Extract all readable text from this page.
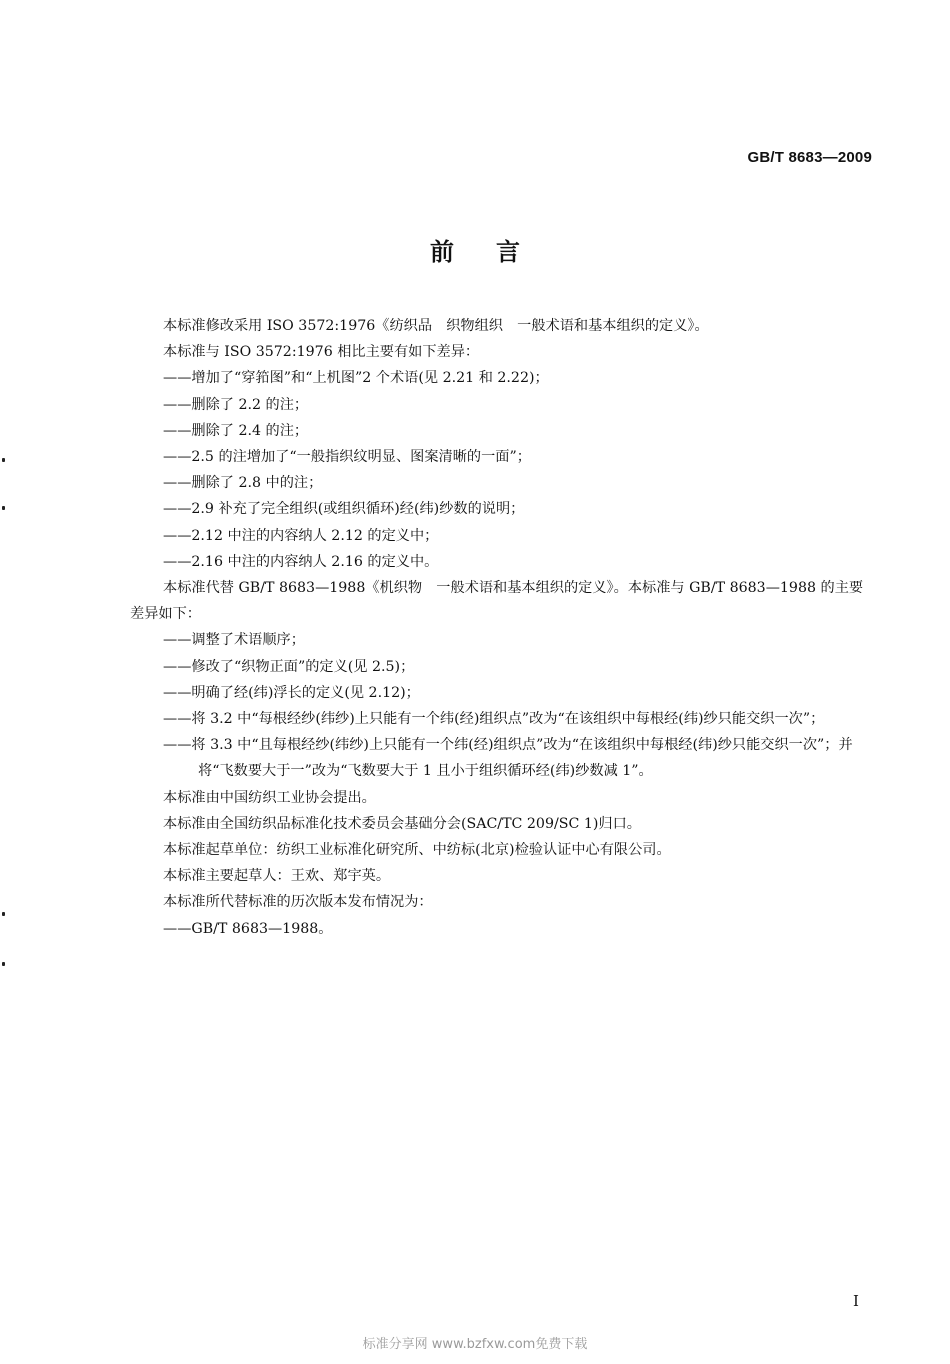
GB/T 8683—2009
前言

本标准修改采用 ISO 3572:1976《纺织品　织物组织　一般术语和基本组织的定义》。

本标准与 ISO 3572:1976 相比主要有如下差异：

——增加了“穿筘图”和“上机图”2 个术语(见 2.21 和 2.22)；

——删除了 2.2 的注；

——删除了 2.4 的注；

——2.5 的注增加了“一般指织纹明显、图案清晰的一面”；

——删除了 2.8 中的注；

——2.9 补充了完全组织(或组织循环)经(纬)纱数的说明；

——2.12 中注的内容纳人 2.12 的定义中；

——2.16 中注的内容纳人 2.16 的定义中。

本标准代替 GB/T 8683—1988《机织物　一般术语和基本组织的定义》。本标准与 GB/T 8683—1988 的主要差异如下：

——调整了术语顺序；

——修改了“织物正面”的定义(见 2.5)；

——明确了经(纬)浮长的定义(见 2.12)；

——将 3.2 中“每根经纱(纬纱)上只能有一个纬(经)组织点”改为“在该组织中每根经(纬)纱只能交织一次”；

——将 3.3 中“且每根经纱(纬纱)上只能有一个纬(经)组织点”改为“在该组织中每根经(纬)纱只能交织一次”；并将“飞数要大于一”改为“飞数要大于 1 且小于组织循环经(纬)纱数减 1”。

本标准由中国纺织工业协会提出。

本标准由全国纺织品标准化技术委员会基础分会(SAC/TC 209/SC 1)归口。

本标准起草单位：纺织工业标准化研究所、中纺标(北京)检验认证中心有限公司。

本标准主要起草人：王欢、郑宇英。

本标准所代替标准的历次版本发布情况为：

——GB/T 8683—1988。

I
标准分享网 www.bzfxw.com免费下载
